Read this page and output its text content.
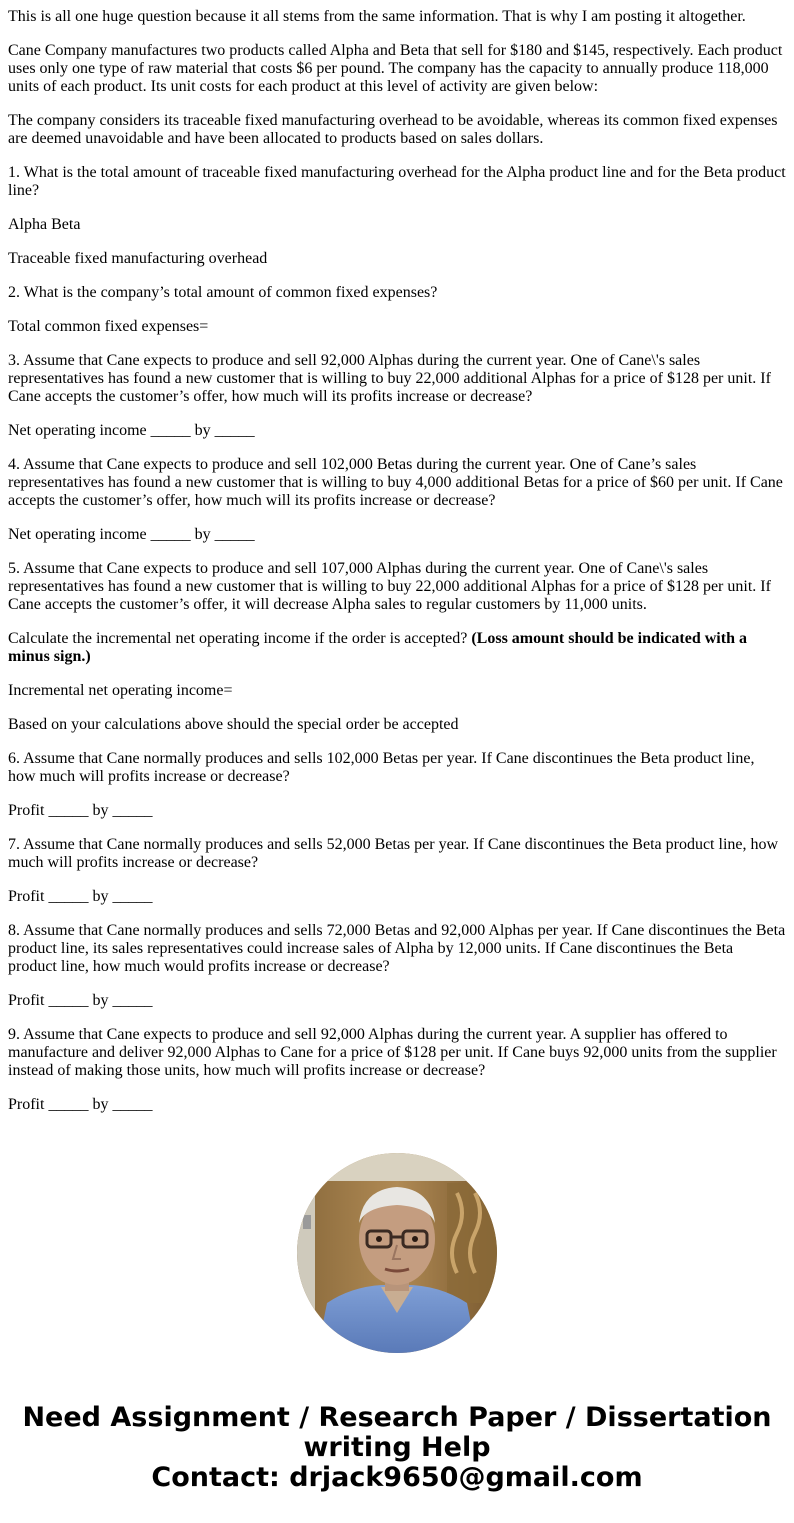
This is all one huge question because it all stems from the same information. That is why I am posting it altogether.

Cane Company manufactures two products called Alpha and Beta that sell for $180 and $145, respectively. Each product uses only one type of raw material that costs $6 per pound. The company has the capacity to annually produce 118,000 units of each product. Its unit costs for each product at this level of activity are given below:

The company considers its traceable fixed manufacturing overhead to be avoidable, whereas its common fixed expenses are deemed unavoidable and have been allocated to products based on sales dollars.

1. What is the total amount of traceable fixed manufacturing overhead for the Alpha product line and for the Beta product line?

Alpha Beta

Traceable fixed manufacturing overhead

2. What is the company’s total amount of common fixed expenses?

Total common fixed expenses=

3. Assume that Cane expects to produce and sell 92,000 Alphas during the current year. One of Cane\'s sales representatives has found a new customer that is willing to buy 22,000 additional Alphas for a price of $128 per unit. If Cane accepts the customer’s offer, how much will its profits increase or decrease?

Net operating income _____ by _____

4. Assume that Cane expects to produce and sell 102,000 Betas during the current year. One of Cane’s sales representatives has found a new customer that is willing to buy 4,000 additional Betas for a price of $60 per unit. If Cane accepts the customer’s offer, how much will its profits increase or decrease?

Net operating income _____ by _____

5. Assume that Cane expects to produce and sell 107,000 Alphas during the current year. One of Cane\'s sales representatives has found a new customer that is willing to buy 22,000 additional Alphas for a price of $128 per unit. If Cane accepts the customer’s offer, it will decrease Alpha sales to regular customers by 11,000 units.

Calculate the incremental net operating income if the order is accepted? (Loss amount should be indicated with a minus sign.)

Incremental net operating income=

Based on your calculations above should the special order be accepted

6. Assume that Cane normally produces and sells 102,000 Betas per year. If Cane discontinues the Beta product line, how much will profits increase or decrease?

Profit _____ by _____

7. Assume that Cane normally produces and sells 52,000 Betas per year. If Cane discontinues the Beta product line, how much will profits increase or decrease?

Profit _____ by _____

8. Assume that Cane normally produces and sells 72,000 Betas and 92,000 Alphas per year. If Cane discontinues the Beta product line, its sales representatives could increase sales of Alpha by 12,000 units. If Cane discontinues the Beta product line, how much would profits increase or decrease?

Profit _____ by _____

9. Assume that Cane expects to produce and sell 92,000 Alphas during the current year. A supplier has offered to manufacture and deliver 92,000 Alphas to Cane for a price of $128 per unit. If Cane buys 92,000 units from the supplier instead of making those units, how much will profits increase or decrease?

Profit _____ by _____

Need Assignment / Research Paper / Dissertation
writing Help
Contact: drjack9650@gmail.com
